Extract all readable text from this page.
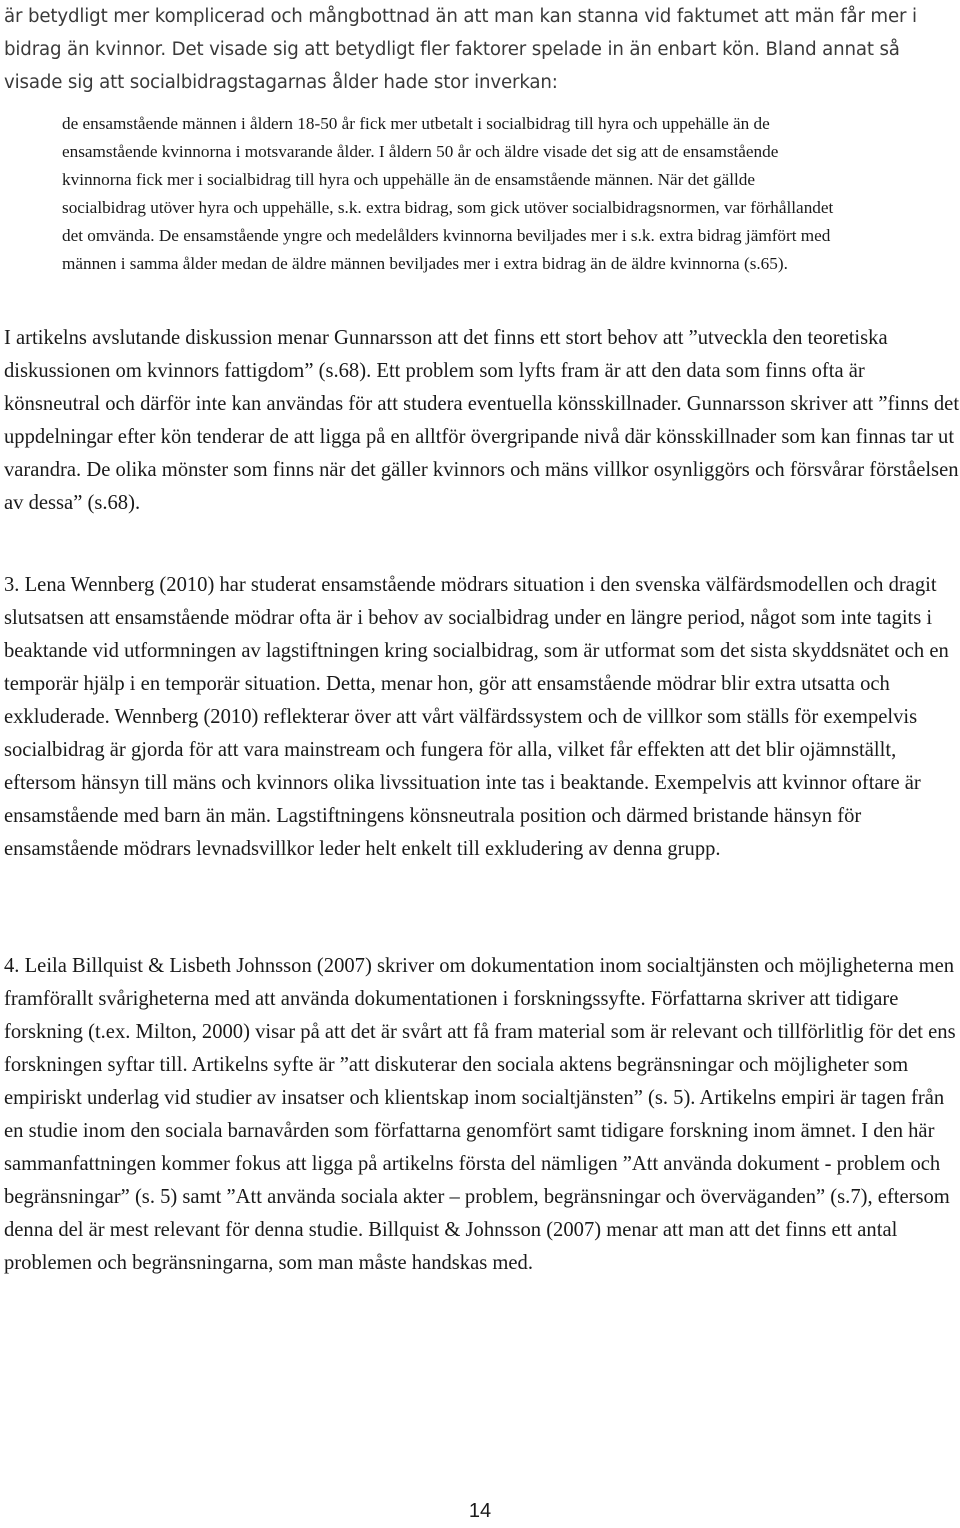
är betydligt mer komplicerad och mångbottnad än att man kan stanna vid faktumet att män får mer i bidrag än kvinnor. Det visade sig att betydligt fler faktorer spelade in än enbart kön. Bland annat så visade sig att socialbidragstagarnas ålder hade stor inverkan:

de ensamstående männen i åldern 18-50 år fick mer utbetalt i socialbidrag till hyra och uppehälle än de ensamstående kvinnorna i motsvarande ålder. I åldern 50 år och äldre visade det sig att de ensamstående kvinnorna fick mer i socialbidrag till hyra och uppehälle än de ensamstående männen. När det gällde socialbidrag utöver hyra och uppehälle, s.k. extra bidrag, som gick utöver socialbidragsnormen, var förhållandet det omvända. De ensamstående yngre och medelålders kvinnorna beviljades mer i s.k. extra bidrag jämfört med männen i samma ålder medan de äldre männen beviljades mer i extra bidrag än de äldre kvinnorna (s.65).

I artikelns avslutande diskussion menar Gunnarsson att det finns ett stort behov att ”utveckla den teoretiska diskussionen om kvinnors fattigdom” (s.68). Ett problem som lyfts fram är att den data som finns ofta är könsneutral och därför inte kan användas för att studera eventuella könsskillnader. Gunnarsson skriver att ”finns det uppdelningar efter kön tenderar de att ligga på en alltför övergripande nivå där könsskillnader som kan finnas tar ut varandra. De olika mönster som finns när det gäller kvinnors och mäns villkor osynliggörs och försvårar förståelsen av dessa” (s.68).

3. Lena Wennberg (2010) har studerat ensamstående mödrars situation i den svenska välfärdsmodellen och dragit slutsatsen att ensamstående mödrar ofta är i behov av socialbidrag under en längre period, något som inte tagits i beaktande vid utformningen av lagstiftningen kring socialbidrag, som är utformat som det sista skyddsnätet och en temporär hjälp i en temporär situation. Detta, menar hon, gör att ensamstående mödrar blir extra utsatta och exkluderade. Wennberg (2010) reflekterar över att vårt välfärdssystem och de villkor som ställs för exempelvis socialbidrag är gjorda för att vara mainstream och fungera för alla, vilket får effekten att det blir ojämnställt, eftersom hänsyn till mäns och kvinnors olika livssituation inte tas i beaktande. Exempelvis att kvinnor oftare är ensamstående med barn än män. Lagstiftningens könsneutrala position och därmed bristande hänsyn för ensamstående mödrars levnadsvillkor leder helt enkelt till exkludering av denna grupp.

4. Leila Billquist & Lisbeth Johnsson (2007) skriver om dokumentation inom socialtjänsten och möjligheterna men framförallt svårigheterna med att använda dokumentationen i forskningssyfte. Författarna skriver att tidigare forskning (t.ex. Milton, 2000) visar på att det är svårt att få fram material som är relevant och tillförlitlig för det ens forskningen syftar till. Artikelns syfte är ”att diskuterar den sociala aktens begränsningar och möjligheter som empiriskt underlag vid studier av insatser och klientskap inom socialtjänsten” (s. 5). Artikelns empiri är tagen från en studie inom den sociala barnavården som författarna genomfört samt tidigare forskning inom ämnet. I den här sammanfattningen kommer fokus att ligga på artikelns första del nämligen ”Att använda dokument - problem och begränsningar” (s. 5) samt ”Att använda sociala akter – problem, begränsningar och överväganden” (s.7), eftersom denna del är mest relevant för denna studie. Billquist & Johnsson (2007) menar att man att det finns ett antal problemen och begränsningarna, som man måste handskas med.

14
